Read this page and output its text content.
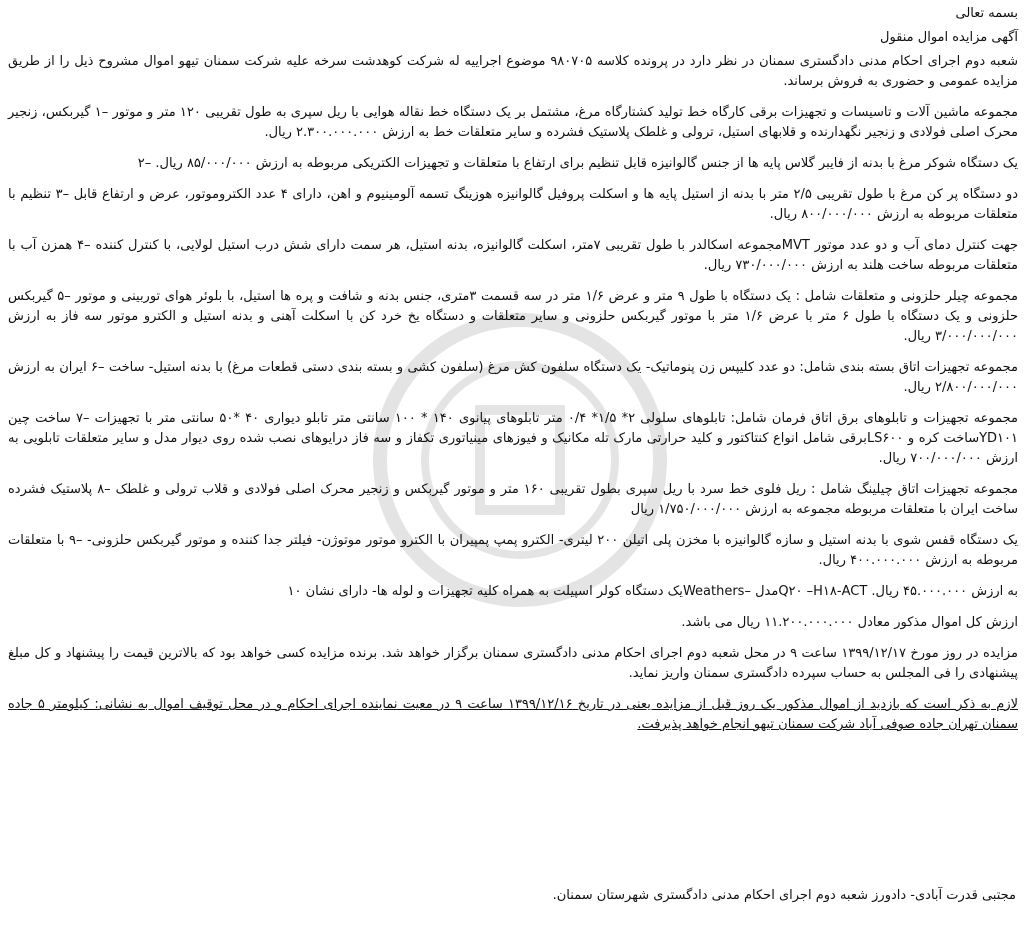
بسمه تعالی
آگهی مزایده اموال منقول
شعبه دوم اجرای احکام مدنی دادگستری سمنان در نظر دارد در پرونده کلاسه ۹۸۰۷۰۵ موضوع اجراییه له شرکت کوهدشت سرخه علیه شرکت سمنان تیهو اموال مشروح ذیل را از طریق مزایده عمومی و حضوری به فروش برساند.
مجموعه ماشین آلات و تاسیسات و تجهیزات برقی کارگاه خط تولید کشتارگاه مرغ، مشتمل بر یک دستگاه خط نقاله هوایی با ریل سپری به طول تقریبی ۱۲۰ متر و موتور ‌–۱ گیربکس، زنجیر محرک اصلی فولادی و زنجیر نگهدارنده و قلابهای استیل، ترولی و غلطک پلاستیک فشرده و سایر متعلقات خط به ارزش ۲.۳۰۰.۰۰۰.۰۰۰ ریال.
یک دستگاه شوکر مرغ با بدنه از فایبر گلاس پایه ها از جنس گالوانیزه قابل تنظیم برای ارتفاع با متعلقات و تجهیزات الکتریکی مربوطه به ارزش ۸۵/۰۰۰/۰۰۰ ریال. –۲
دو دستگاه پر کن مرغ با طول تقریبی ۲/۵ متر با بدنه از استیل پایه ها و اسکلت پروفیل گالوانیزه هوزینگ تسمه آلومینیوم و اهن، دارای ۴ عدد الکتروموتور، عرض و ارتفاع قابل –۳ تنظیم با متعلقات مربوطه به ارزش ۸۰۰/۰۰۰/۰۰۰ ریال.
جهت کنترل دمای آب و دو عدد موتور MVTمجموعه اسکالدر با طول تقریبی ۷متر، اسکلت گالوانیزه، بدنه استیل، هر سمت دارای شش درب استیل لولایی، با کنترل کننده –۴ همزن آب با متعلقات مربوطه ساخت هلند به ارزش ۷۳۰/۰۰۰/۰۰۰ ریال.
مجموعه چیلر حلزونی و متعلقات شامل : یک دستگاه با طول ۹ متر و عرض ۱/۶ متر در سه قسمت ۳متری، جنس بدنه و شافت و پره ها استیل، با بلوئر هوای توربینی و موتور –۵ گیربکس حلزونی و یک دستگاه با طول ۶ متر با عرض ۱/۶ متر با موتور گیربکس حلزونی و سایر متعلقات و دستگاه یخ خرد کن با اسکلت آهنی و بدنه استیل و الکترو موتور سه فاز به ارزش ۳/۰۰۰/۰۰۰/۰۰۰ ریال.
مجموعه تجهیزات اتاق بسته بندی شامل: دو عدد کلیپس زن پنوماتیک- یک دستگاه سلفون کش مرغ (سلفون کشی و بسته بندی دستی قطعات مرغ) با بدنه استیل- ساخت –۶ ایران به ارزش ۲/۸۰۰/۰۰۰/۰۰۰ ریال.
مجموعه تجهیزات و تابلوهای برق اتاق فرمان شامل: تابلوهای سلولی ۲* ۱/۵* ۰/۴ متر تابلوهای پیانوی ۱۴۰ * ۱۰۰ سانتی متر تابلو دیواری ۴۰ *۵۰ سانتی متر با تجهیزات –۷ ساخت چین YD۱۰۱ساخت کره و LS۶۰۰برقی شامل انواع کنتاکتور و کلید حرارتی مارک تله مکانیک و فیوزهای مینیاتوری تکفاز و سه فاز درایوهای نصب شده روی دیوار مدل و سایر متعلقات تابلویی به ارزش ۷۰۰/۰۰۰/۰۰۰ ریال.
مجموعه تجهیزات اتاق چیلینگ شامل : ریل فلوی خط سرد با ریل سپری بطول تقریبی ۱۶۰ متر و موتور گیربکس و زنجیر محرک اصلی فولادی و قلاب ترولی و غلطک –۸ پلاستیک فشرده ساخت ایران با متعلقات مربوطه مجموعه به ارزش ۱/۷۵۰/۰۰۰/۰۰۰ ریال
یک دستگاه قفس شوی با بدنه استیل و سازه گالوانیزه با مخزن پلی اتیلن ۲۰۰ لیتری- الکترو پمپ پمپیران با الکترو موتور موتوژن- فیلتر جدا کننده و موتور گیربکس حلزونی- –۹ با متعلقات مربوطه به ارزش ۴۰۰.۰۰۰.۰۰۰ ریال.
به ارزش ۴۵.۰۰۰.۰۰۰ ریال. Q۲۰ –H۱۸-ACTمدل –Weathersیک دستگاه کولر اسپیلت به همراه کلیه تجهیزات و لوله ها- دارای نشان ۱۰
ارزش کل اموال مذکور معادل ۱۱.۲۰۰.۰۰۰.۰۰۰ ریال می باشد.
مزایده در روز مورخ ۱۳۹۹/۱۲/۱۷ ساعت ۹ در محل شعبه دوم اجرای احکام مدنی دادگستری سمنان برگزار خواهد شد. برنده مزایده کسی خواهد بود که بالاترین قیمت را پیشنهاد و کل مبلغ پیشنهادی را فی المجلس به حساب سپرده دادگستری سمنان واریز نماید.
لازم به ذکر است که بازدید از اموال مذکور یک روز قبل از مزایده یعنی در تاریخ ۱۳۹۹/۱۲/۱۶ ساعت ۹ در معیت نماینده اجرای احکام و در محل توقیف اموال به نشانی: کیلومتر ۵ جاده سمنان تهران جاده صوفی آباد شرکت سمنان تیهو انجام خواهد پذیرفت.
مجتبی قدرت آبادی- دادورز شعبه دوم اجرای احکام مدنی دادگستری شهرستان سمنان.
